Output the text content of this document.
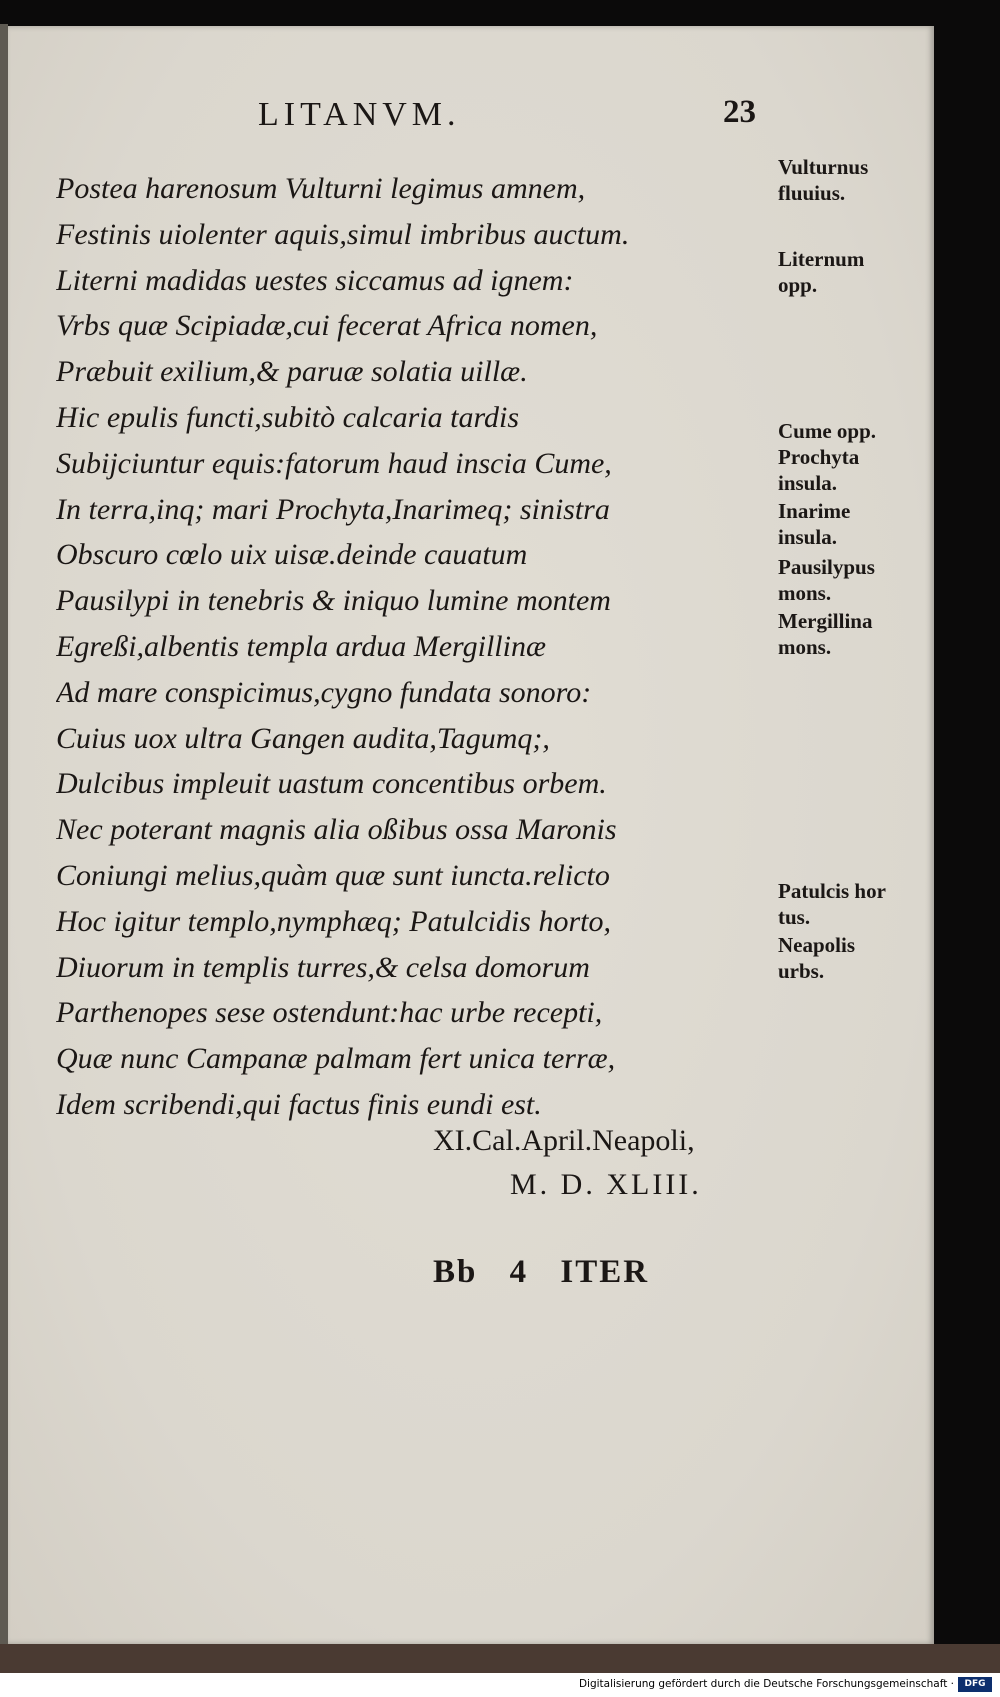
LITANVM.	23
Postea harenosum Vulturni legimus amnem,
Festinis uiolenter aquis,simul imbribus auctum.
Literni madidas uestes siccamus ad ignem:
Vrbs quæ Scipiadæ,cui fecerat Africa nomen,
Præbuit exilium,& paruæ solatia uillæ.
Hic epulis functi,subitò calcaria tardis
Subijciuntur equis:fatorum haud inscia Cume,
In terra,inq; mari Prochyta,Inarimeq; sinistra
Obscuro cœlo uix uisæ.deinde cauatum
Pausilypi in tenebris & iniquo lumine montem
Egreßi,albentis templa ardua Mergillinæ
Ad mare conspicimus,cygno fundata sonoro:
Cuius uox ultra Gangen audita,Tagumq;,
Dulcibus impleuit uastum concentibus orbem.
Nec poterant magnis alia oßibus ossa Maronis
Coniungi melius,quàm quæ sunt iuncta.relicto
Hoc igitur templo,nymphæq; Patulcidis horto,
Diuorum in templis turres,& celsa domorum
Parthenopes sese ostendunt:hac urbe recepti,
Quæ nunc Campanæ palmam fert unica terræ,
Idem scribendi,qui factus finis eundi est.
XI.Cal.April.Neapoli,
M. D. XLIII.
Bb 4 ITER
Vulturnus
fluuius.
Liternum
opp.
Cume opp.
Prochyta
insula.
Inarime
insula.
Pausilypus
mons.
Mergillina
mons.
Patulcis hor
tus.
Neapolis
urbs.
Digitalisierung gefördert durch die Deutsche Forschungsgemeinschaft ·	DFG
